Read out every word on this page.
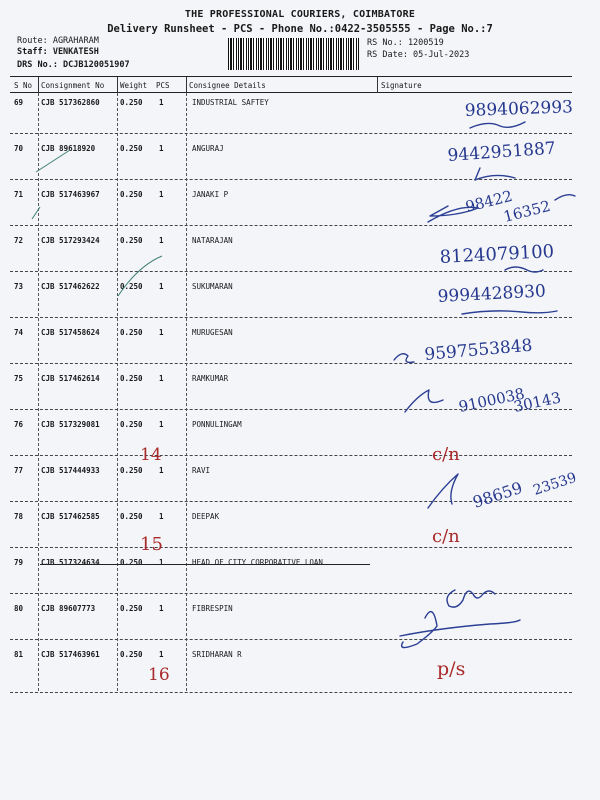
THE PROFESSIONAL COURIERS, COIMBATORE
Delivery Runsheet - PCS - Phone No.:0422-3505555 - Page No.:7
Route: AGRAHARAM
Staff: VENKATESH
DRS No.: DCJB120051907
RS No.: 1200519
RS Date: 05-Jul-2023
S No Consignment No Weight PCS	Consignee Details	Signature
69 CJB 517362860	0.250 1	INDUSTRIAL SAFTEY
70 CJB 89618920	0.250 1	ANGURAJ
71 CJB 517463967	0.250 1	JANAKI P
72 CJB 517293424	0.250 1	NATARAJAN
73 CJB 517462622	0.250 1	SUKUMARAN
74 CJB 517458624	0.250 1	MURUGESAN
75 CJB 517462614	0.250 1	RAMKUMAR
76 CJB 517329081	0.250 1	PONNULINGAM
77 CJB 517444933	0.250 1	RAVI
78 CJB 517462585	0.250 1	DEEPAK
79 CJB 517324634	0.250 1	HEAD OF CITY CORPORATIVE LOAN
80 CJB 89607773	0.250 1	FIBRESPIN
81 CJB 517463961	0.250 1	SRIDHARAN R
9894062993
9442951887
98422
16352
8124079100
9994428930
9597553848
9100038
30143
14	c/n
98659 23539
15	c/n
16	p/s
